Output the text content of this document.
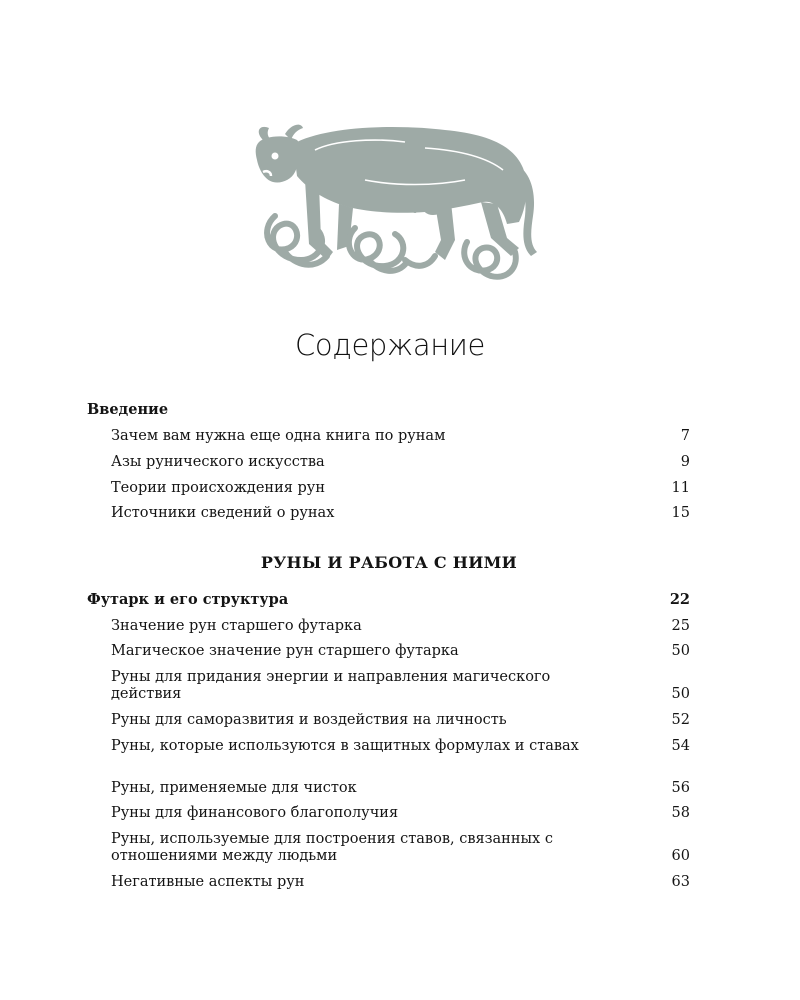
Содержание
Введение
Зачем вам нужна еще одна книга по рунам	7
Азы рунического искусства	9
Теории происхождения рун	11
Источники сведений о рунах	15
РУНЫ И РАБОТА С НИМИ
Футарк и его структура	22
Значение рун старшего футарка	25
Магическое значение рун старшего футарка	50
Руны для придания энергии и направления магического действия	50
Руны для саморазвития и воздействия на личность	52
Руны, которые используются в защитных формулах и ставах	54
Руны, применяемые для чисток	56
Руны для финансового благополучия	58
Руны, используемые для построения ставов, связанных с отношениями между людьми	60
Негативные аспекты рун	63
